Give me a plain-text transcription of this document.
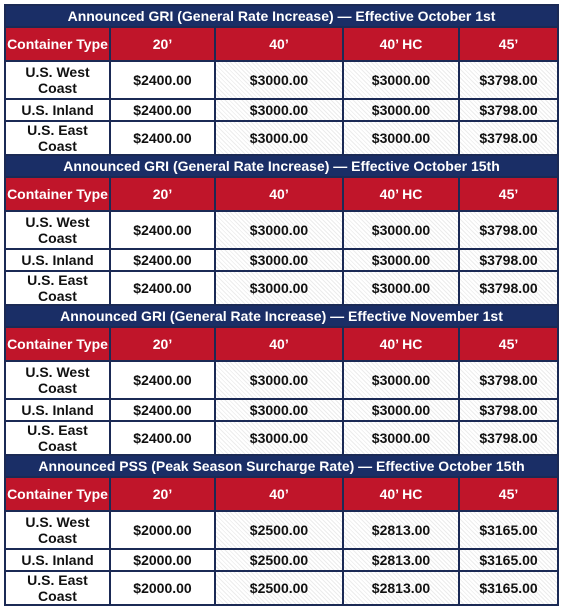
Announced GRI (General Rate Increase) — Effective October 1st				
Container Type	20’	40’	40’ HC	45’
U.S. West Coast	$2400.00	$3000.00	$3000.00	$3798.00
U.S. Inland	$2400.00	$3000.00	$3000.00	$3798.00
U.S. East Coast	$2400.00	$3000.00	$3000.00	$3798.00
Announced GRI (General Rate Increase) — Effective October 15th				
Container Type	20’	40’	40’ HC	45’
U.S. West Coast	$2400.00	$3000.00	$3000.00	$3798.00
U.S. Inland	$2400.00	$3000.00	$3000.00	$3798.00
U.S. East Coast	$2400.00	$3000.00	$3000.00	$3798.00
Announced GRI (General Rate Increase) — Effective November 1st				
Container Type	20’	40’	40’ HC	45’
U.S. West Coast	$2400.00	$3000.00	$3000.00	$3798.00
U.S. Inland	$2400.00	$3000.00	$3000.00	$3798.00
U.S. East Coast	$2400.00	$3000.00	$3000.00	$3798.00
Announced PSS (Peak Season Surcharge Rate) — Effective October 15th				
Container Type	20’	40’	40’ HC	45’
U.S. West Coast	$2000.00	$2500.00	$2813.00	$3165.00
U.S. Inland	$2000.00	$2500.00	$2813.00	$3165.00
U.S. East Coast	$2000.00	$2500.00	$2813.00	$3165.00
